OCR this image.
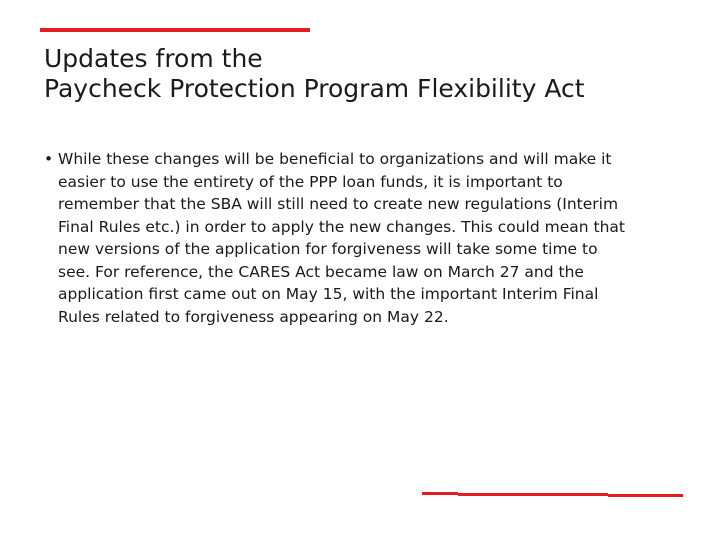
Updates from the
Paycheck Protection Program Flexibility Act
• While these changes will be beneficial to organizations and will make it
easier to use the entirety of the PPP loan funds, it is important to
remember that the SBA will still need to create new regulations (Interim
Final Rules etc.) in order to apply the new changes. This could mean that
new versions of the application for forgiveness will take some time to
see. For reference, the CARES Act became law on March 27 and the
application first came out on May 15, with the important Interim Final
Rules related to forgiveness appearing on May 22.
